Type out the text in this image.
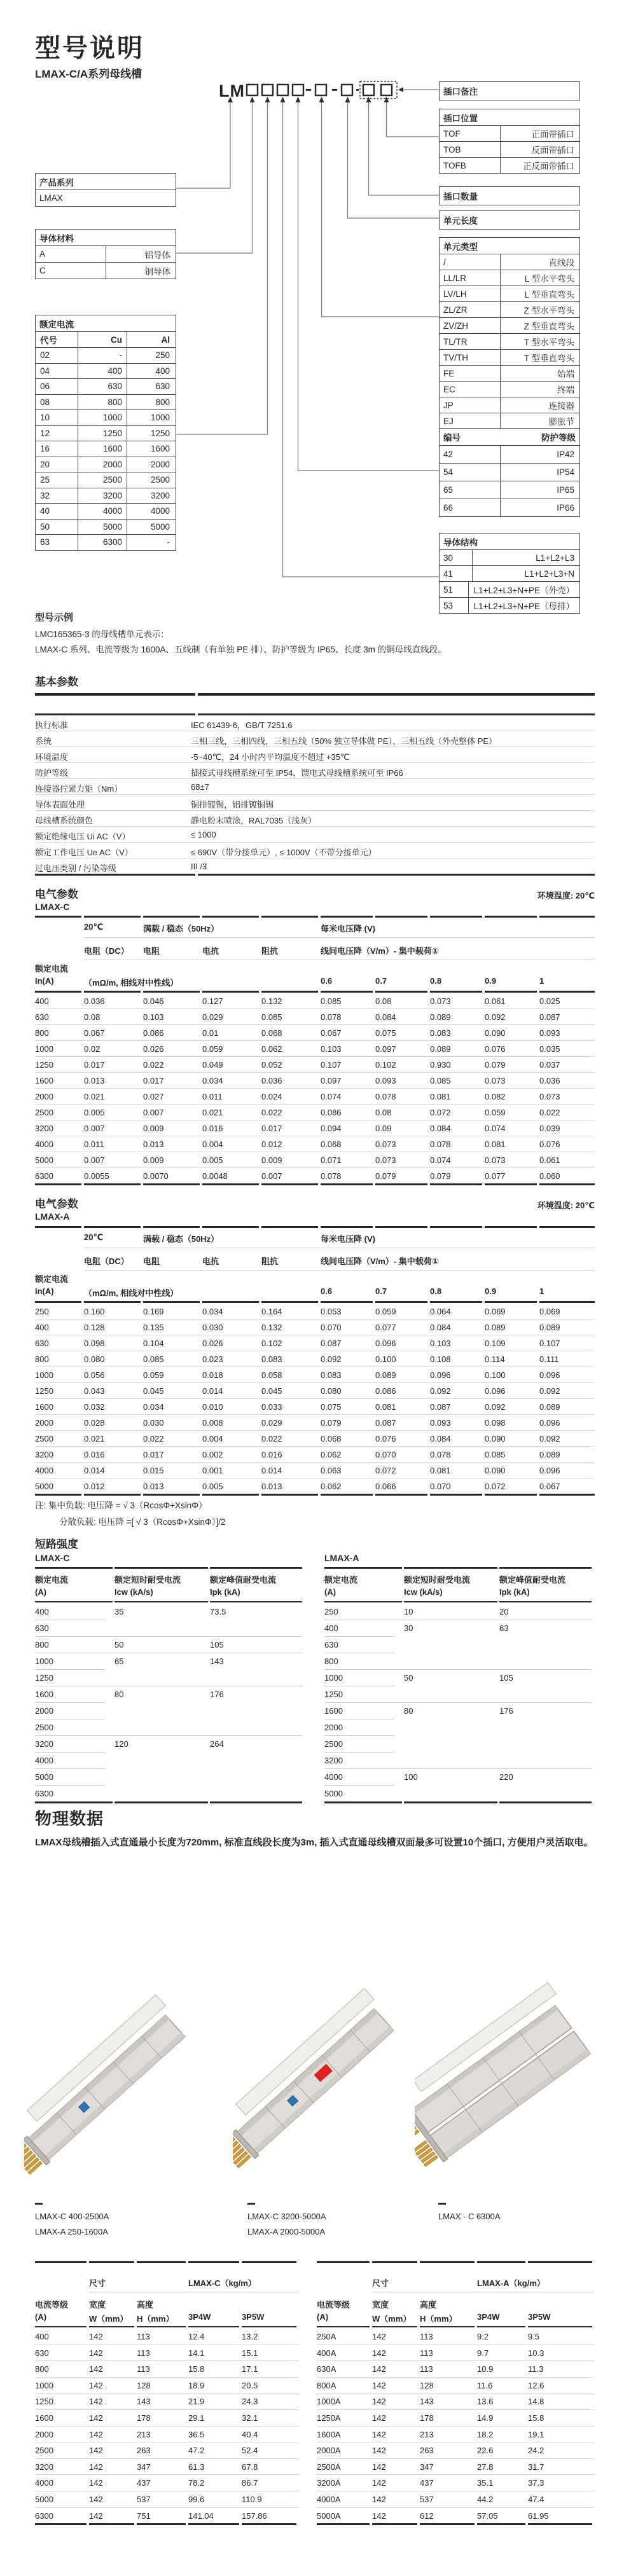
型号说明
LMAX-C/A系列母线槽
LM
型号示例
LMC165365-3 的母线槽单元表示：
LMAX-C 系列、电流等级为 1600A、五线制（有单独 PE 排）、防护等级为 IP65、长度 3m 的铜母线直线段。
基本参数
电气参数	环境温度: 20℃
LMAX-C
电气参数	环境温度: 20℃
LMAX-A
注: 集中负载: 电压降 = √ 3（RcosΦ+XsinΦ）
分散负载: 电压降 =[ √ 3（RcosΦ+XsinΦ）]/2
短路强度
LMAX-C	LMAX-A
物理数据
LMAX母线槽插入式直通最小长度为720mm, 标准直线段长度为3m, 插入式直通母线槽双面最多可设置10个插口, 方便用户灵活取电。
产品系列
LMAX
导体材料
A	铝导体
C	铜导体
额定电流
代号	Cu	Al
02	-	250
04	400	400
06	630	630
08	800	800
10	1000	1000
12	1250	1250
16	1600	1600
20	2000	2000
25	2500	2500
32	3200	3200
40	4000	4000
50	5000	5000
63	6300	-
插口备注
插口位置
TOF	正面带插口
TOB	反面带插口
TOFB	正反面带插口
插口数量
单元长度
单元类型
/	直线段
LL/LR	L 型水平弯头
LV/LH	L 型垂直弯头
ZL/ZR	Z 型水平弯头
ZV/ZH	Z 型垂直弯头
TL/TR	T 型水平弯头
TV/TH	T 型垂直弯头
FE	始端
EC	终端
JP	连接器
EJ	膨胀节
编号	防护等级
42	IP42
54	IP54
65	IP65
66	IP66
导体结构
30	L1+L2+L3
41	L1+L2+L3+N
51	L1+L2+L3+N+PE（外壳）
53	L1+L2+L3+N+PE（母排）
执行标准	IEC 61439-6，GB/T 7251.6
系统	三相三线，三相四线，三相五线（50% 独立导体做 PE），三相五线（外壳整体 PE）
环境温度	-5~40℃，24 小时内平均温度不超过 +35℃
防护等级	插接式母线槽系统可至 IP54，馈电式母线槽系统可至 IP66
连接器拧紧力矩（Nm）	68±7
导体表面处理	铜排镀锡，铝排镀铜锡
母线槽系统颜色	静电粉末喷涂，RAL7035（浅灰）
额定绝缘电压 Ui AC（V）	≤ 1000
额定工作电压 Ue AC（V）	≤ 690V（带分接单元）, ≤ 1000V（不带分接单元）
过电压类别 / 污染等级	III /3
20℃	满载 / 稳态（50Hz）	每米电压降 (V)
电阻（DC） 电阻	电抗	阻抗	线间电压降（V/m）- 集中载荷①
额定电流
In(A)	（mΩ/m, 相线对中性线）	0.6	0.7	0.8	0.9	1
400	0.036	0.046	0.127	0.132	0.085	0.08	0.073	0.061	0.025
630	0.08	0.103	0.029	0.085	0.078	0.084	0.089	0.092	0.087
800	0.067	0.086	0.01	0.068	0.067	0.075	0.083	0.090	0.093
1000	0.02	0.026	0.059	0.062	0.103	0.097	0.089	0.076	0.035
1250	0.017	0.022	0.049	0.052	0.107	0.102	0.930	0.079	0.037
1600	0.013	0.017	0.034	0.036	0.097	0.093	0.085	0.073	0.036
2000	0.021	0.027	0.011	0.024	0.074	0.078	0.081	0.082	0.073
2500	0.005	0.007	0.021	0.022	0.086	0.08	0.072	0.059	0.022
3200	0.007	0.009	0.016	0.017	0.094	0.09	0.084	0.074	0.039
4000	0.011	0.013	0.004	0.012	0.068	0.073	0.078	0.081	0.076
5000	0.007	0.009	0.005	0.009	0.071	0.073	0.074	0.073	0.061
6300	0.0055	0.0070	0.0048	0.007	0.078	0.079	0.079	0.077	0.060
20℃	满载 / 稳态（50Hz）	每米电压降 (V)
电阻（DC） 电阻	电抗	阻抗	线间电压降（V/m）- 集中载荷①
额定电流
In(A)	（mΩ/m, 相线对中性线）	0.6	0.7	0.8	0.9	1
250	0.160	0.169	0.034	0.164	0.053	0.059	0.064	0.069	0.069
400	0.128	0.135	0.030	0.132	0.070	0.077	0.084	0.089	0.089
630	0.098	0.104	0.026	0.102	0.087	0.096	0.103	0.109	0.107
800	0.080	0.085	0.023	0.083	0.092	0.100	0.108	0.114	0.111
1000	0.056	0.059	0.018	0.058	0.083	0.089	0.096	0.100	0.096
1250	0.043	0.045	0.014	0.045	0.080	0.086	0.092	0.096	0.092
1600	0.032	0.034	0.010	0.033	0.075	0.081	0.087	0.092	0.089
2000	0.028	0.030	0.008	0.029	0.079	0.087	0.093	0.098	0.096
2500	0.021	0.022	0.004	0.022	0.068	0.076	0.084	0.090	0.092
3200	0.016	0.017	0.002	0.016	0.062	0.070	0.078	0.085	0.089
4000	0.014	0.015	0.001	0.014	0.063	0.072	0.081	0.090	0.096
5000	0.012	0.013	0.005	0.013	0.062	0.066	0.070	0.072	0.067
额定电流
(A)
额定短时耐受电流
Icw (kA/s)
额定峰值耐受电流
Ipk (kA)
400	35	73.5
630
800	50	105
1000	65	143
1250
1600	80	176
2000
2500
3200	120	264
4000
5000
6300
额定电流
(A)
额定短时耐受电流
Icw (kA/s)
额定峰值耐受电流
Ipk (kA)
250	10	20
400	30	63
630
800
1000	50	105
1250
1600	80	176
2000
2500
3200
4000	100	220
5000
LMAX-C 400-2500A
LMAX-A 250-1600A
LMAX-C 3200-5000A
LMAX-A 2000-5000A
LMAX - C 6300A
尺寸	LMAX-C（kg/m）
电流等级
(A)
宽度
W（mm）
高度
H（mm） 3P4W	3P5W
400	142	113	12.4	13.2
630	142	113	14.1	15.1
800	142	113	15.8	17.1
1000	142	128	18.9	20.5
1250	142	143	21.9	24.3
1600	142	178	29.1	32.1
2000	142	213	36.5	40.4
2500	142	263	47.2	52.4
3200	142	347	61.3	67.8
4000	142	437	78.2	86.7
5000	142	537	99.6	110.9
6300	142	751	141.04	157.86
尺寸	LMAX-A（kg/m）
电流等级
(A)
宽度
W（mm）
高度
H（mm） 3P4W	3P5W
250A	142	113	9.2	9.5
400A	142	113	9.7	10.3
630A	142	113	10.9	11.3
800A	142	128	11.6	12.6
1000A	142	143	13.6	14.8
1250A	142	178	14.9	15.8
1600A	142	213	18.2	19.1
2000A	142	263	22.6	24.2
2500A	142	347	27.8	31.7
3200A	142	437	35.1	37.3
4000A	142	537	44.2	47.4
5000A	142	612	57.05	61.95
